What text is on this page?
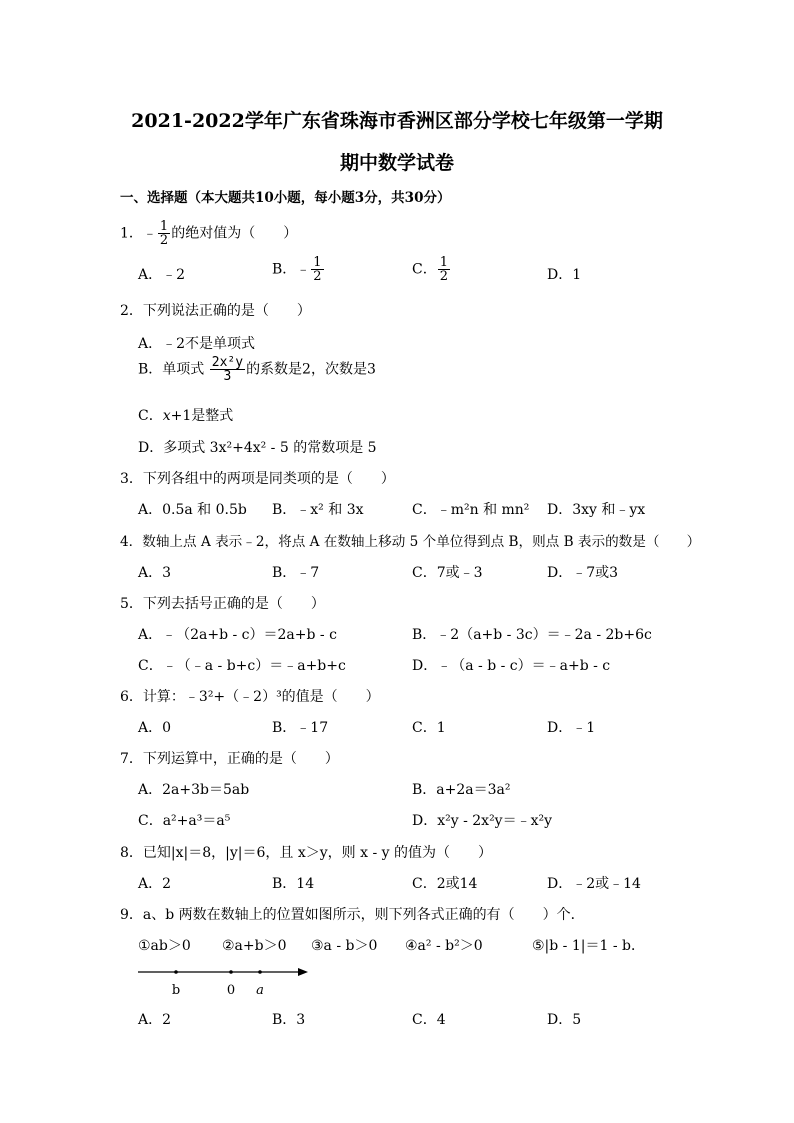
2021-2022学年广东省珠海市香洲区部分学校七年级第一学期
期中数学试卷
一、选择题（本大题共10小题，每小题3分，共30分）
1．﹣ $\frac{1}{2}$ 的绝对值为（　　）
A．﹣2	B．﹣ $\frac{1}{2}$	C． $\frac{1}{2}$	D．1
2．下列说法正确的是（　　）
A．﹣2不是单项式
B．单项式 $\frac{\text{2x²y}}{3}$ 的系数是2，次数是3
C．x+1是整式
D．多项式 3x²+4x² - 5 的常数项是 5
3．下列各组中的两项是同类项的是（　　）
A．0.5a 和 0.5b B．﹣x² 和 3x	C．﹣m²n 和 mn² D．3xy 和﹣yx
4．数轴上点 A 表示﹣2，将点 A 在数轴上移动 5 个单位得到点 B，则点 B 表示的数是（　　）
A．3	B．﹣7	C．7或﹣3	D．﹣7或3
5．下列去括号正确的是（　　）
A．﹣（2a+b - c）＝2a+b - c	B．﹣2（a+b - 3c）＝﹣2a - 2b+6c
C．﹣（﹣a - b+c）＝﹣a+b+c	D．﹣（a - b - c）＝﹣a+b - c
6．计算：﹣3²+（﹣2）³的值是（　　）
A．0	B．﹣17	C．1	D．﹣1
7．下列运算中，正确的是（　　）
A．2a+3b＝5ab	B．a+2a＝3a²
C．a²+a³＝a⁵	D．x²y - 2x²y＝﹣x²y
8．已知|x|＝8，|y|＝6，且 x＞y，则 x - y 的值为（　　）
A．2	B．14	C．2或14	D．﹣2或﹣14
9．a、b 两数在数轴上的位置如图所示，则下列各式正确的有（　　）个．
①ab＞0 ②a+b＞0 ③a - b＞0 ④a² - b²＞0	⑤|b - 1|＝1 - b．
b	0 a
A．2	B．3	C．4	D．5
